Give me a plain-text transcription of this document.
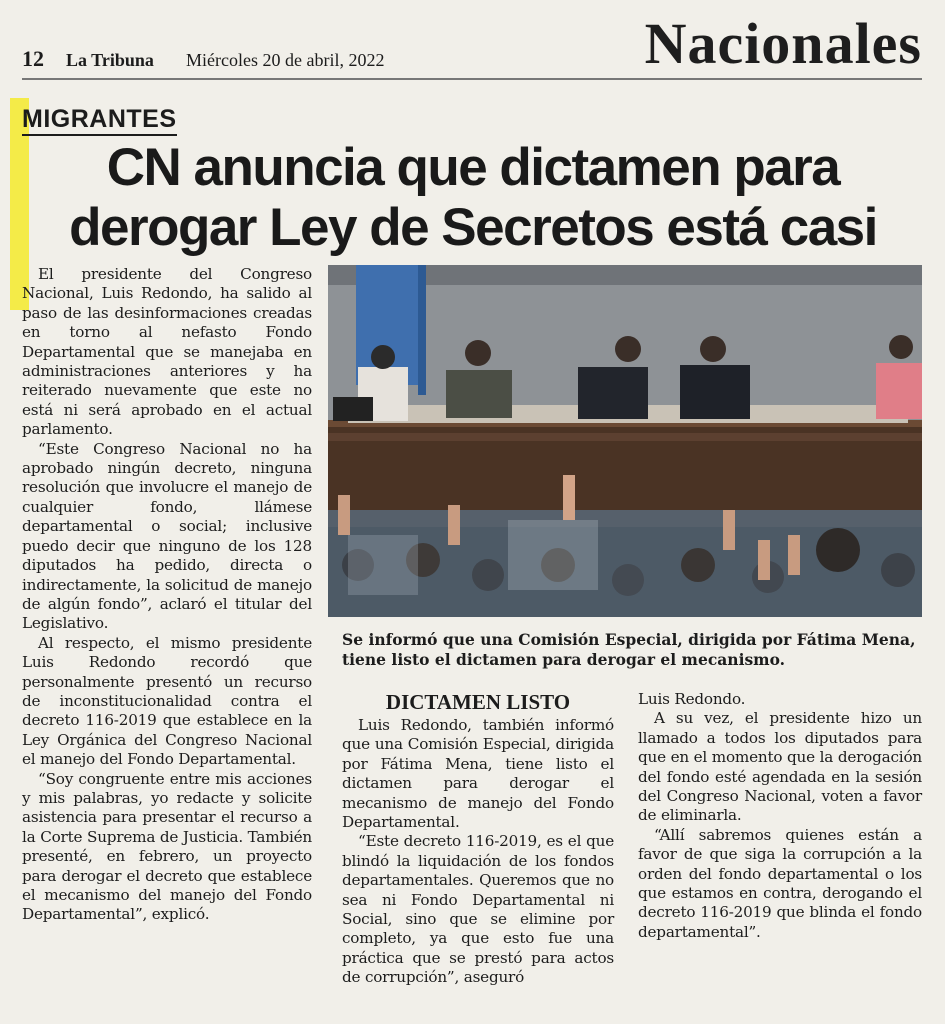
12 La Tribuna Miércoles 20 de abril, 2022	Nacionales
MIGRANTES
CN anuncia que dictamen para
derogar Ley de Secretos está casi

El presidente del Congreso Nacional, Luis Redondo, ha salido al paso de las desinformaciones creadas en torno al nefasto Fondo Departamental que se manejaba en administraciones anteriores y ha reiterado nuevamente que este no está ni será aprobado en el actual parlamento.

“Este Congreso Nacional no ha aprobado ningún decreto, ninguna resolución que involucre el manejo de cualquier fondo, llámese departamental o social; inclusive puedo decir que ninguno de los 128 diputados ha pedido, directa o indirectamente, la solicitud de manejo de algún fondo”, aclaró el titular del Legislativo.

Al respecto, el mismo presidente Luis Redondo recordó que personalmente presentó un recurso de inconstitucionalidad contra el decreto 116-2019 que establece en la Ley Orgánica del Congreso Nacional el manejo del Fondo Departamental.

“Soy congruente entre mis acciones y mis palabras, yo redacte y solicite asistencia para presentar el recurso a la Corte Suprema de Justicia. También presenté, en febrero, un proyecto para derogar el decreto que establece el mecanismo del manejo del Fondo Departamental”, explicó.

Se informó que una Comisión Especial, dirigida por Fátima Mena, tiene listo el dictamen para derogar el mecanismo.

DICTAMEN LISTO

Luis Redondo, también informó que una Comisión Especial, dirigida por Fátima Mena, tiene listo el dictamen para derogar el mecanismo de manejo del Fondo Departamental.

“Este decreto 116-2019, es el que blindó la liquidación de los fondos departamentales. Queremos que no sea ni Fondo Departamental ni Social, sino que se elimine por completo, ya que esto fue una práctica que se prestó para actos de corrupción”, aseguró

Luis Redondo.

A su vez, el presidente hizo un llamado a todos los diputados para que en el momento que la derogación del fondo esté agendada en la sesión del Congreso Nacional, voten a favor de eliminarla.

“Allí sabremos quienes están a favor de que siga la corrupción a la orden del fondo departamental o los que estamos en contra, derogando el decreto 116-2019 que blinda el fondo departamental”.
